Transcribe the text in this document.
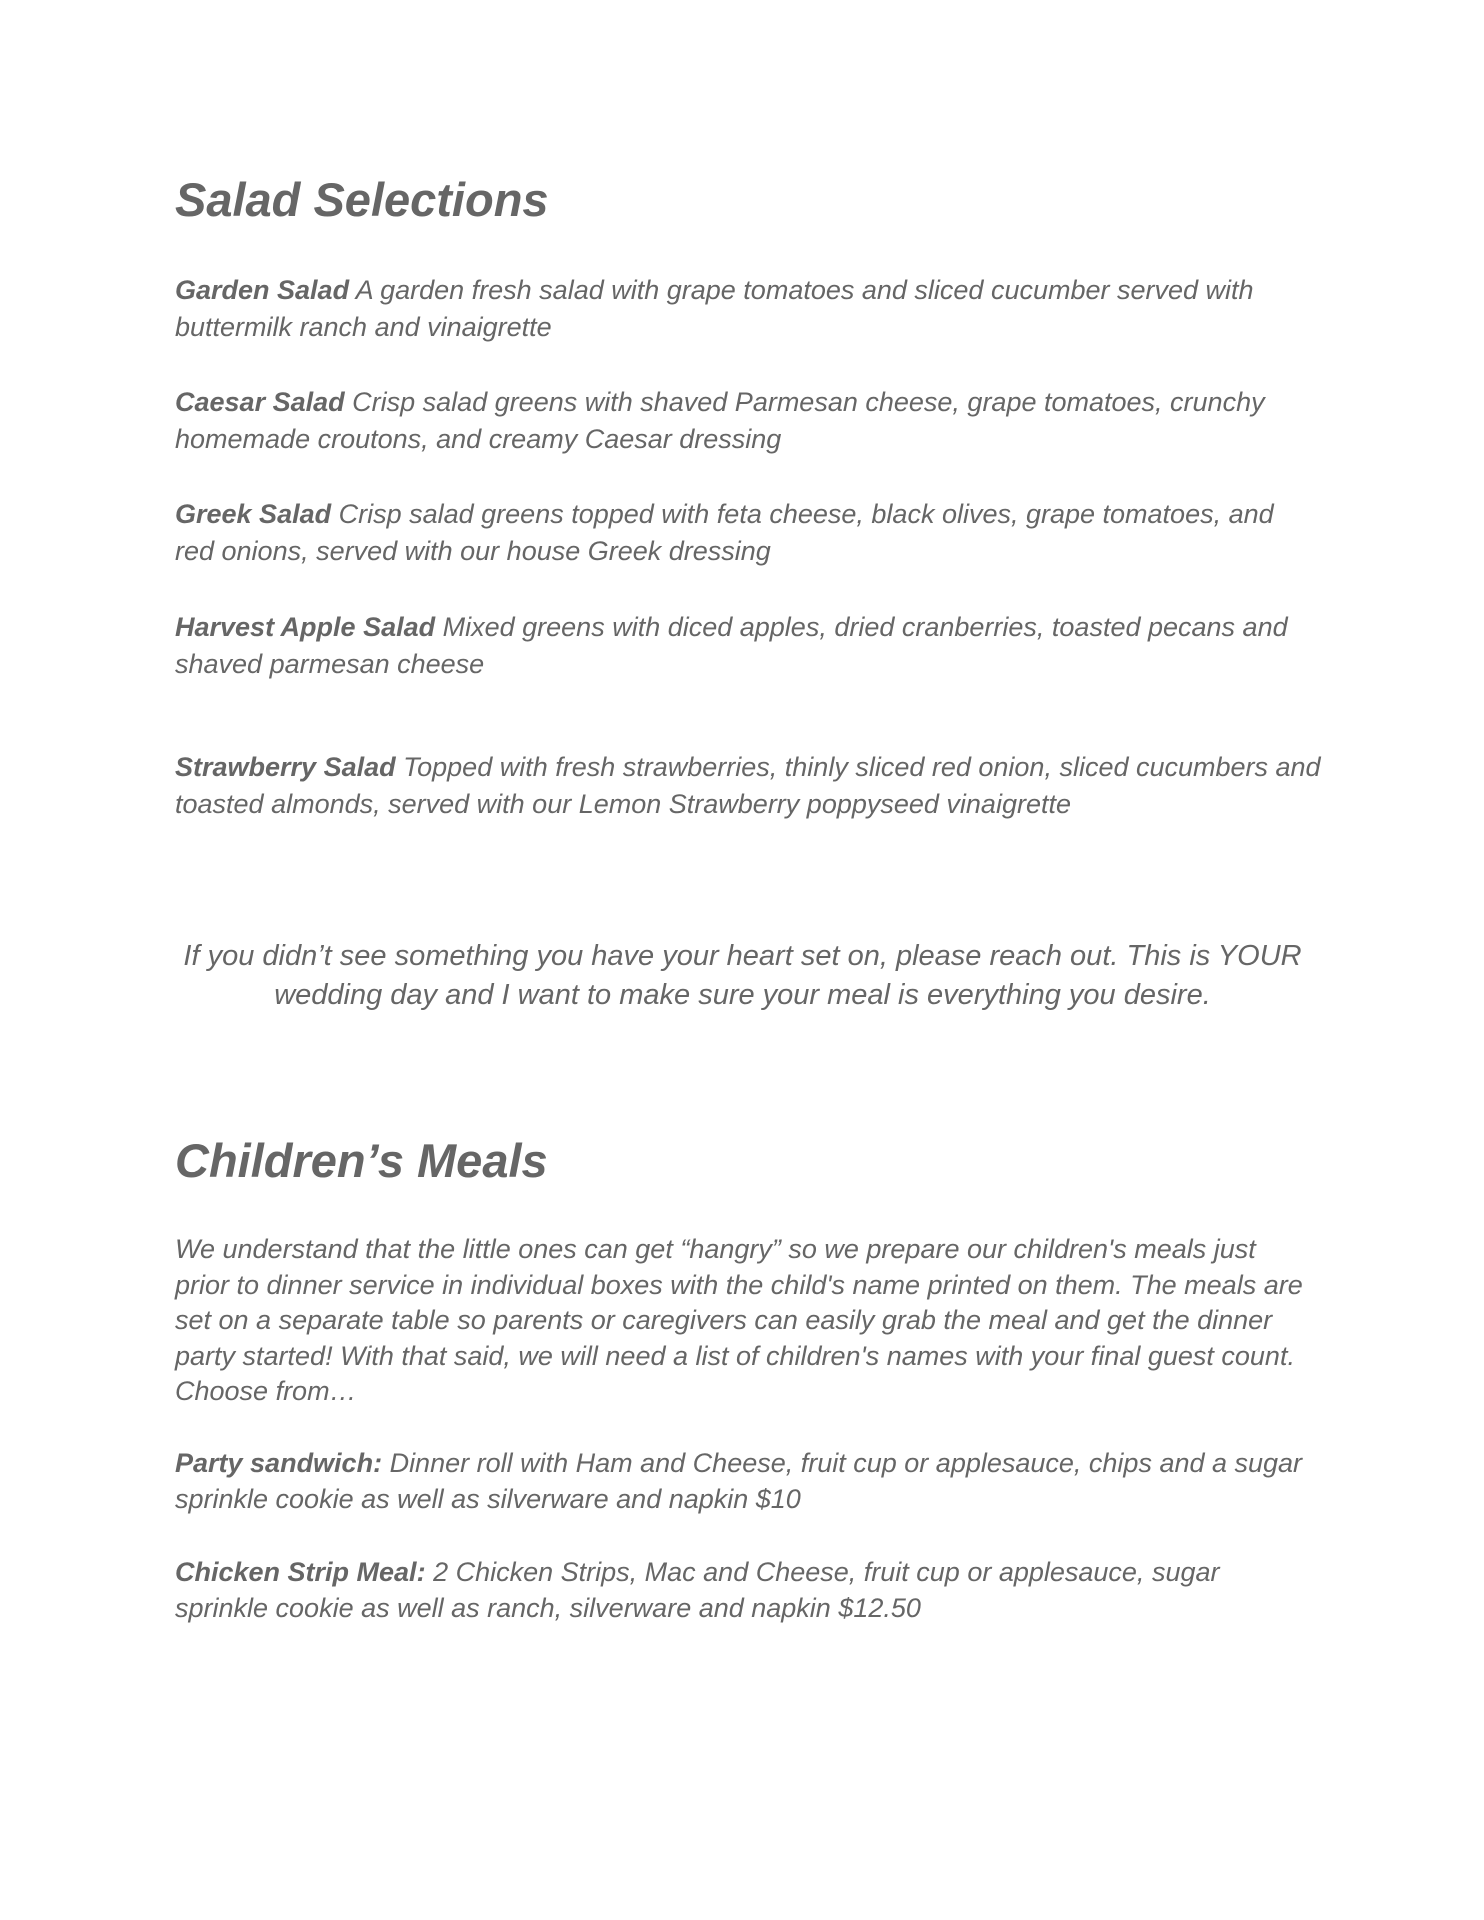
Salad Selections

Garden Salad A garden fresh salad with grape tomatoes and sliced cucumber served with buttermilk ranch and vinaigrette

Caesar Salad Crisp salad greens with shaved Parmesan cheese, grape tomatoes, crunchy homemade croutons, and creamy Caesar dressing

Greek Salad Crisp salad greens topped with feta cheese, black olives, grape tomatoes, and red onions, served with our house Greek dressing

Harvest Apple Salad Mixed greens with diced apples, dried cranberries, toasted pecans and shaved parmesan cheese

Strawberry Salad Topped with fresh strawberries, thinly sliced red onion, sliced cucumbers and toasted almonds, served with our Lemon Strawberry poppyseed vinaigrette

If you didn’t see something you have your heart set on, please reach out. This is YOUR wedding day and I want to make sure your meal is everything you desire.

Children’s Meals

We understand that the little ones can get “hangry” so we prepare our children's meals just prior to dinner service in individual boxes with the child's name printed on them. The meals are set on a separate table so parents or caregivers can easily grab the meal and get the dinner party started! With that said, we will need a list of children's names with your final guest count. Choose from…

Party sandwich: Dinner roll with Ham and Cheese, fruit cup or applesauce, chips and a sugar sprinkle cookie as well as silverware and napkin $10

Chicken Strip Meal: 2 Chicken Strips, Mac and Cheese, fruit cup or applesauce, sugar sprinkle cookie as well as ranch, silverware and napkin $12.50
